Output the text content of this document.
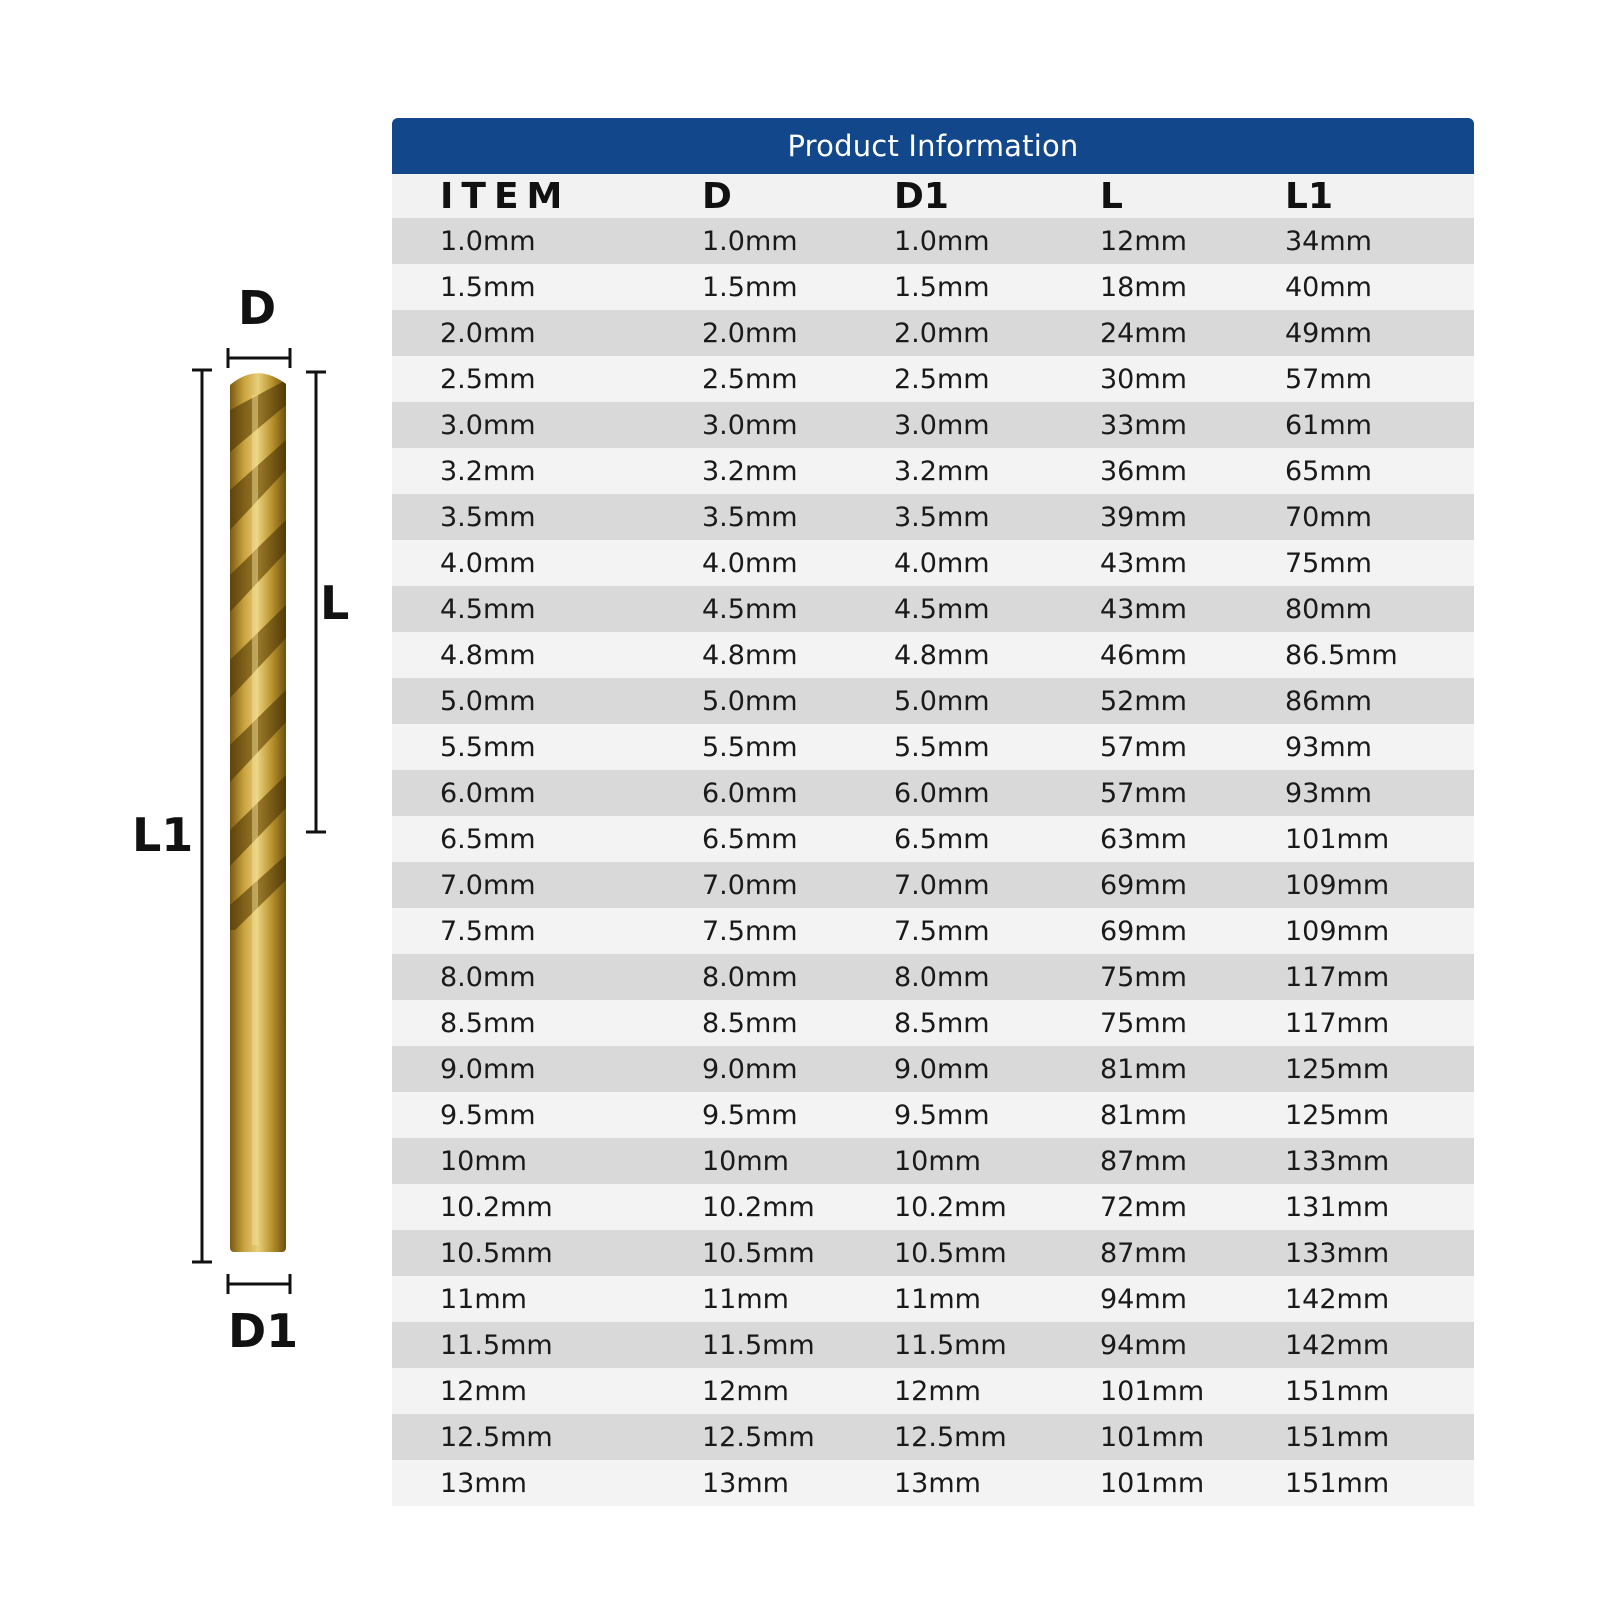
D
L
L1
D1
Product Information
ITEM	D	D1	L	L1
1.0mm	1.0mm	1.0mm	12mm	34mm
1.5mm	1.5mm	1.5mm	18mm	40mm
2.0mm	2.0mm	2.0mm	24mm	49mm
2.5mm	2.5mm	2.5mm	30mm	57mm
3.0mm	3.0mm	3.0mm	33mm	61mm
3.2mm	3.2mm	3.2mm	36mm	65mm
3.5mm	3.5mm	3.5mm	39mm	70mm
4.0mm	4.0mm	4.0mm	43mm	75mm
4.5mm	4.5mm	4.5mm	43mm	80mm
4.8mm	4.8mm	4.8mm	46mm	86.5mm
5.0mm	5.0mm	5.0mm	52mm	86mm
5.5mm	5.5mm	5.5mm	57mm	93mm
6.0mm	6.0mm	6.0mm	57mm	93mm
6.5mm	6.5mm	6.5mm	63mm	101mm
7.0mm	7.0mm	7.0mm	69mm	109mm
7.5mm	7.5mm	7.5mm	69mm	109mm
8.0mm	8.0mm	8.0mm	75mm	117mm
8.5mm	8.5mm	8.5mm	75mm	117mm
9.0mm	9.0mm	9.0mm	81mm	125mm
9.5mm	9.5mm	9.5mm	81mm	125mm
10mm	10mm	10mm	87mm	133mm
10.2mm	10.2mm	10.2mm	72mm	131mm
10.5mm	10.5mm	10.5mm	87mm	133mm
11mm	11mm	11mm	94mm	142mm
11.5mm	11.5mm	11.5mm	94mm	142mm
12mm	12mm	12mm	101mm	151mm
12.5mm	12.5mm	12.5mm	101mm	151mm
13mm	13mm	13mm	101mm	151mm
